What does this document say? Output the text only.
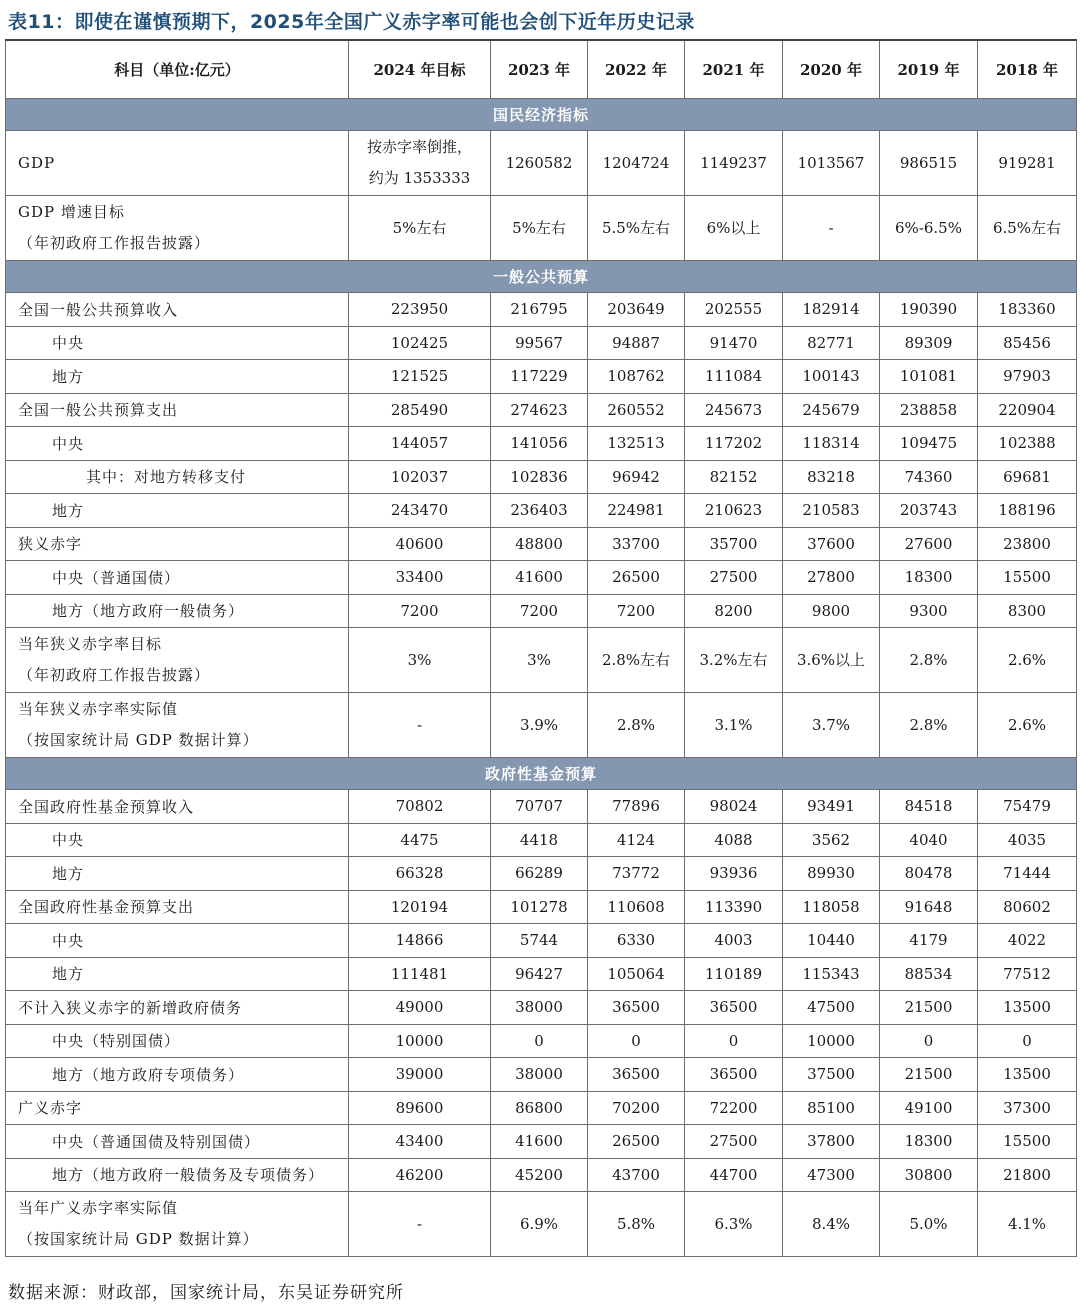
表11：即使在谨慎预期下，2025年全国广义赤字率可能也会创下近年历史记录
科目（单位:亿元）	2024 年目标	2023 年	2022 年	2021 年	2020 年	2019 年	2018 年
国民经济指标							
GDP	按赤字率倒推，
约为 1353333	1260582	1204724	1149237	1013567	986515	919281
GDP 增速目标
（年初政府工作报告披露）	5%左右	5%左右	5.5%左右	6%以上	-	6%-6.5%	6.5%左右
一般公共预算							
全国一般公共预算收入	223950	216795	203649	202555	182914	190390	183360
中央	102425	99567	94887	91470	82771	89309	85456
地方	121525	117229	108762	111084	100143	101081	97903
全国一般公共预算支出	285490	274623	260552	245673	245679	238858	220904
中央	144057	141056	132513	117202	118314	109475	102388
其中：对地方转移支付	102037	102836	96942	82152	83218	74360	69681
地方	243470	236403	224981	210623	210583	203743	188196
狭义赤字	40600	48800	33700	35700	37600	27600	23800
中央（普通国债）	33400	41600	26500	27500	27800	18300	15500
地方（地方政府一般债务）	7200	7200	7200	8200	9800	9300	8300
当年狭义赤字率目标
（年初政府工作报告披露）	3%	3%	2.8%左右	3.2%左右	3.6%以上	2.8%	2.6%
当年狭义赤字率实际值
（按国家统计局 GDP 数据计算）	-	3.9%	2.8%	3.1%	3.7%	2.8%	2.6%
政府性基金预算							
全国政府性基金预算收入	70802	70707	77896	98024	93491	84518	75479
中央	4475	4418	4124	4088	3562	4040	4035
地方	66328	66289	73772	93936	89930	80478	71444
全国政府性基金预算支出	120194	101278	110608	113390	118058	91648	80602
中央	14866	5744	6330	4003	10440	4179	4022
地方	111481	96427	105064	110189	115343	88534	77512
不计入狭义赤字的新增政府债务	49000	38000	36500	36500	47500	21500	13500
中央（特别国债）	10000	0	0	0	10000	0	0
地方（地方政府专项债务）	39000	38000	36500	36500	37500	21500	13500
广义赤字	89600	86800	70200	72200	85100	49100	37300
中央（普通国债及特别国债）	43400	41600	26500	27500	37800	18300	15500
地方（地方政府一般债务及专项债务）	46200	45200	43700	44700	47300	30800	21800
当年广义赤字率实际值
（按国家统计局 GDP 数据计算）	-	6.9%	5.8%	6.3%	8.4%	5.0%	4.1%
数据来源：财政部，国家统计局，东吴证券研究所
